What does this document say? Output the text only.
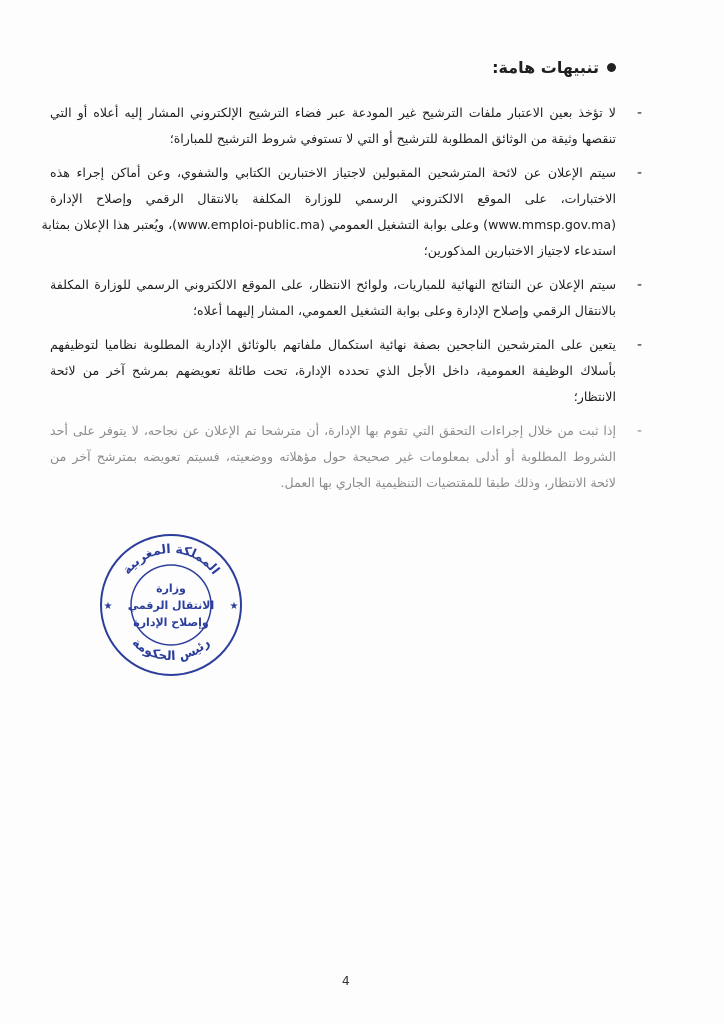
تنبيهات هامة:
-
لا تؤخذ بعين الاعتبار ملفات الترشيح غير المودعة عبر فضاء الترشيح الإلكتروني المشار إليه أعلاه أو التي
تنقصها وثيقة من الوثائق المطلوبة للترشيح أو التي لا تستوفي شروط الترشيح للمباراة؛
-
سيتم الإعلان عن لائحة المترشحين المقبولين لاجتياز الاختبارين الكتابي والشفوي، وعن أماكن إجراء هذه
الاختبارات، على الموقع الالكتروني الرسمي للوزارة المكلفة بالانتقال الرقمي وإصلاح الإدارة
(www.mmsp.gov.ma) وعلى بوابة التشغيل العمومي (www.emploi-public.ma)، ويُعتبر هذا الإعلان بمثابة
استدعاء لاجتياز الاختبارين المذكورين؛
-
سيتم الإعلان عن النتائج النهائية للمباريات، ولوائح الانتظار، على الموقع الالكتروني الرسمي للوزارة المكلفة
بالانتقال الرقمي وإصلاح الإدارة وعلى بوابة التشغيل العمومي، المشار إليهما أعلاه؛
-
يتعين على المترشحين الناجحين بصفة نهائية استكمال ملفاتهم بالوثائق الإدارية المطلوبة نظاميا لتوظيفهم
بأسلاك الوظيفة العمومية، داخل الأجل الذي تحدده الإدارة، تحت طائلة تعويضهم بمرشح آخر من لائحة
الانتظار؛
-
إذا ثبت من خلال إجراءات التحقق التي تقوم بها الإدارة، أن مترشحا تم الإعلان عن نجاحه، لا يتوفر على أحد
الشروط المطلوبة أو أدلى بمعلومات غير صحيحة حول مؤهلاته ووضعيته، فسيتم تعويضه بمترشح آخر من
لائحة الانتظار، وذلك طبقا للمقتضيات التنظيمية الجاري بها العمل.
★	★
المملكة المغربية
رئيس الحكومة
وزارة
الانتقال الرقمي
وإصلاح الإدارة
4
